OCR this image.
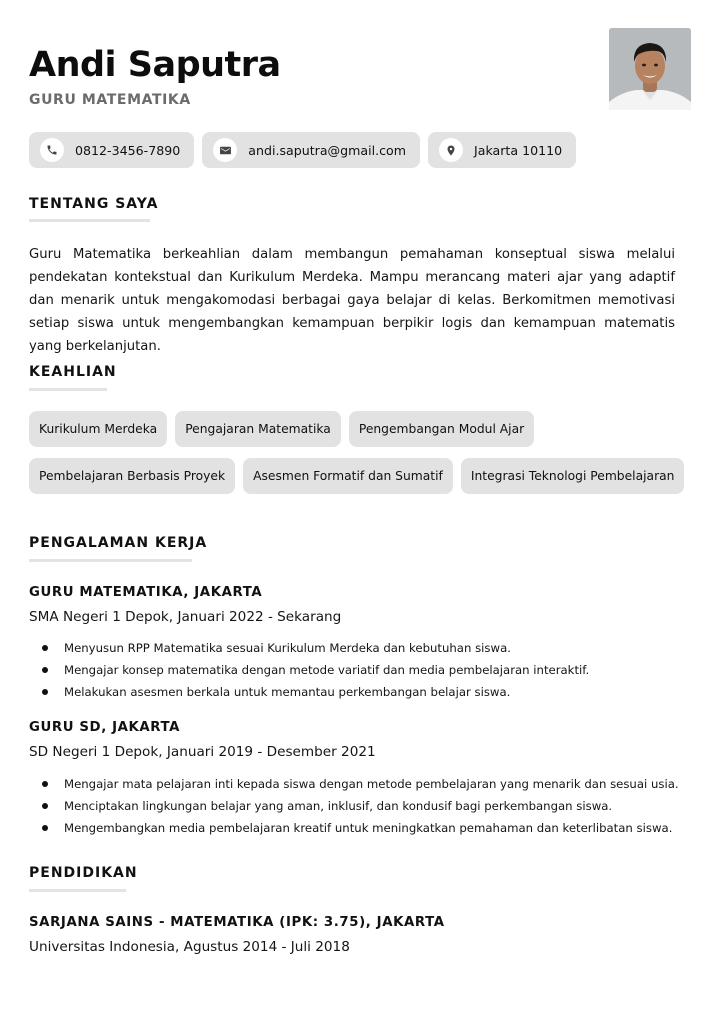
Andi Saputra
GURU MATEMATIKA
0812-3456-7890	andi.saputra@gmail.com	Jakarta 10110
TENTANG SAYA
Guru Matematika berkeahlian dalam membangun pemahaman konseptual siswa melalui pendekatan kontekstual dan Kurikulum Merdeka. Mampu merancang materi ajar yang adaptif dan menarik untuk mengakomodasi berbagai gaya belajar di kelas. Berkomitmen memotivasi setiap siswa untuk mengembangkan kemampuan berpikir logis dan kemampuan matematis yang berkelanjutan.
KEAHLIAN
Kurikulum Merdeka	Pengajaran Matematika	Pengembangan Modul Ajar
Pembelajaran Berbasis Proyek	Asesmen Formatif dan Sumatif	Integrasi Teknologi Pembelajaran
PENGALAMAN KERJA
GURU MATEMATIKA, JAKARTA
SMA Negeri 1 Depok, Januari 2022 - Sekarang
Menyusun RPP Matematika sesuai Kurikulum Merdeka dan kebutuhan siswa.
Mengajar konsep matematika dengan metode variatif dan media pembelajaran interaktif.
Melakukan asesmen berkala untuk memantau perkembangan belajar siswa.
GURU SD, JAKARTA
SD Negeri 1 Depok, Januari 2019 - Desember 2021
Mengajar mata pelajaran inti kepada siswa dengan metode pembelajaran yang menarik dan sesuai usia.
Menciptakan lingkungan belajar yang aman, inklusif, dan kondusif bagi perkembangan siswa.
Mengembangkan media pembelajaran kreatif untuk meningkatkan pemahaman dan keterlibatan siswa.
PENDIDIKAN
SARJANA SAINS - MATEMATIKA (IPK: 3.75), JAKARTA
Universitas Indonesia, Agustus 2014 - Juli 2018
